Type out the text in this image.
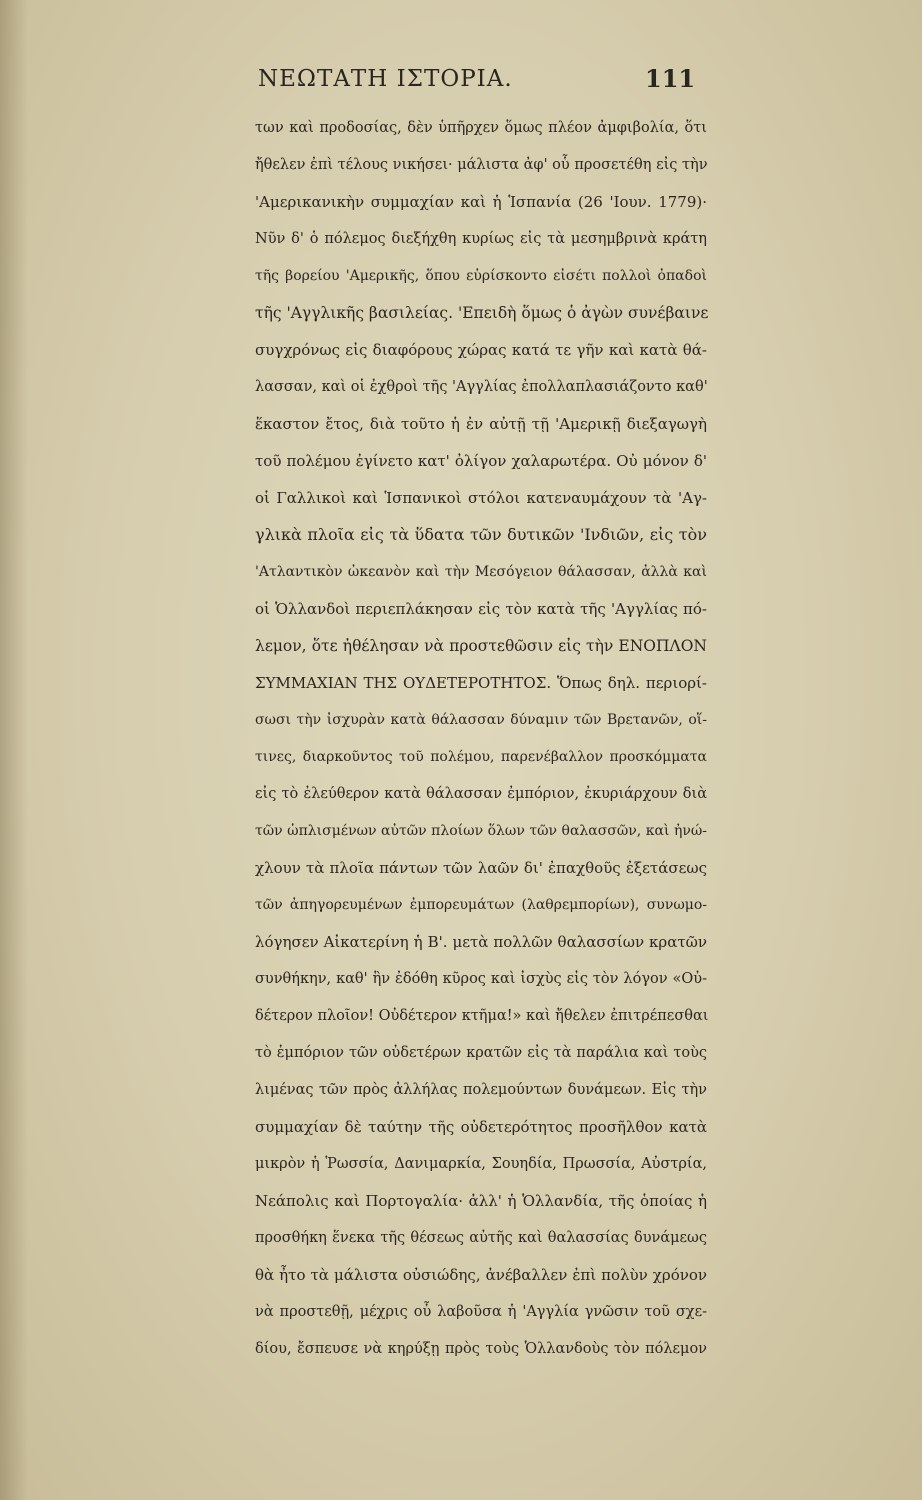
ΝΕΩΤΑΤΗ ΙΣΤΟΡΙΑ.	111
των καὶ προδοσίας, δὲν ὑπῆρχεν ὅμως πλέον ἀμφιβολία, ὅτι
ἤθελεν ἐπὶ τέλους νικήσει· μάλιστα ἀφ' οὗ προσετέθη εἰς τὴν
'Αμερικανικὴν συμμαχίαν καὶ ἡ Ἱσπανία (26 'Ιουν. 1779)·
Νῦν δ' ὁ πόλεμος διεξήχθη κυρίως εἰς τὰ μεσημβρινὰ κράτη
τῆς βορείου 'Αμερικῆς, ὅπου εὑρίσκοντο εἰσέτι πολλοὶ ὀπαδοὶ
τῆς 'Αγγλικῆς βασιλείας. 'Επειδὴ ὅμως ὁ ἀγὼν συνέβαινε
συγχρόνως εἰς διαφόρους χώρας κατά τε γῆν καὶ κατὰ θά-
λασσαν, καὶ οἱ ἐχθροὶ τῆς 'Αγγλίας ἐπολλαπλασιάζοντο καθ'
ἕκαστον ἔτος, διὰ τοῦτο ἡ ἐν αὐτῇ τῇ 'Αμερικῇ διεξαγωγὴ
τοῦ πολέμου ἐγίνετο κατ' ὀλίγον χαλαρωτέρα. Οὐ μόνον δ'
οἱ Γαλλικοὶ καὶ Ἱσπανικοὶ στόλοι κατεναυμάχουν τὰ 'Αγ-
γλικὰ πλοῖα εἰς τὰ ὕδατα τῶν δυτικῶν 'Ινδιῶν, εἰς τὸν
'Ατλαντικὸν ὠκεανὸν καὶ τὴν Μεσόγειον θάλασσαν, ἀλλὰ καὶ
οἱ Ὁλλανδοὶ περιεπλάκησαν εἰς τὸν κατὰ τῆς 'Αγγλίας πό-
λεμον, ὅτε ἠθέλησαν νὰ προστεθῶσιν εἰς τὴν ΕΝΟΠΛΟΝ
ΣΥΜΜΑΧΙΑΝ ΤΗΣ ΟΥΔΕΤΕΡΟΤΗΤΟΣ. Ὅπως δηλ. περιορί-
σωσι τὴν ἰσχυρὰν κατὰ θάλασσαν δύναμιν τῶν Βρετανῶν, οἵ-
τινες, διαρκοῦντος τοῦ πολέμου, παρενέβαλλον προσκόμματα
εἰς τὸ ἐλεύθερον κατὰ θάλασσαν ἐμπόριον, ἐκυριάρχουν διὰ
τῶν ὡπλισμένων αὐτῶν πλοίων ὅλων τῶν θαλασσῶν, καὶ ἠνώ-
χλουν τὰ πλοῖα πάντων τῶν λαῶν δι' ἐπαχθοῦς ἐξετάσεως
τῶν ἀπηγορευμένων ἐμπορευμάτων (λαθρεμπορίων), συνωμο-
λόγησεν Αἰκατερίνη ἡ Β'. μετὰ πολλῶν θαλασσίων κρατῶν
συνθήκην, καθ' ἣν ἐδόθη κῦρος καὶ ἰσχὺς εἰς τὸν λόγον «Οὐ-
δέτερον πλοῖον! Οὐδέτερον κτῆμα!» καὶ ἤθελεν ἐπιτρέπεσθαι
τὸ ἐμπόριον τῶν οὐδετέρων κρατῶν εἰς τὰ παράλια καὶ τοὺς
λιμένας τῶν πρὸς ἀλλήλας πολεμούντων δυνάμεων. Εἰς τὴν
συμμαχίαν δὲ ταύτην τῆς οὐδετερότητος προσῆλθον κατὰ
μικρὸν ἡ Ῥωσσία, Δανιμαρκία, Σουηδία, Πρωσσία, Αὐστρία,
Νεάπολις καὶ Πορτογαλία· ἀλλ' ἡ Ὁλλανδία, τῆς ὁποίας ἡ
προσθήκη ἕνεκα τῆς θέσεως αὐτῆς καὶ θαλασσίας δυνάμεως
θὰ ἦτο τὰ μάλιστα οὐσιώδης, ἀνέβαλλεν ἐπὶ πολὺν χρόνον
νὰ προστεθῇ, μέχρις οὗ λαβοῦσα ἡ 'Αγγλία γνῶσιν τοῦ σχε-
δίου, ἔσπευσε νὰ κηρύξῃ πρὸς τοὺς Ὁλλανδοὺς τὸν πόλεμον
